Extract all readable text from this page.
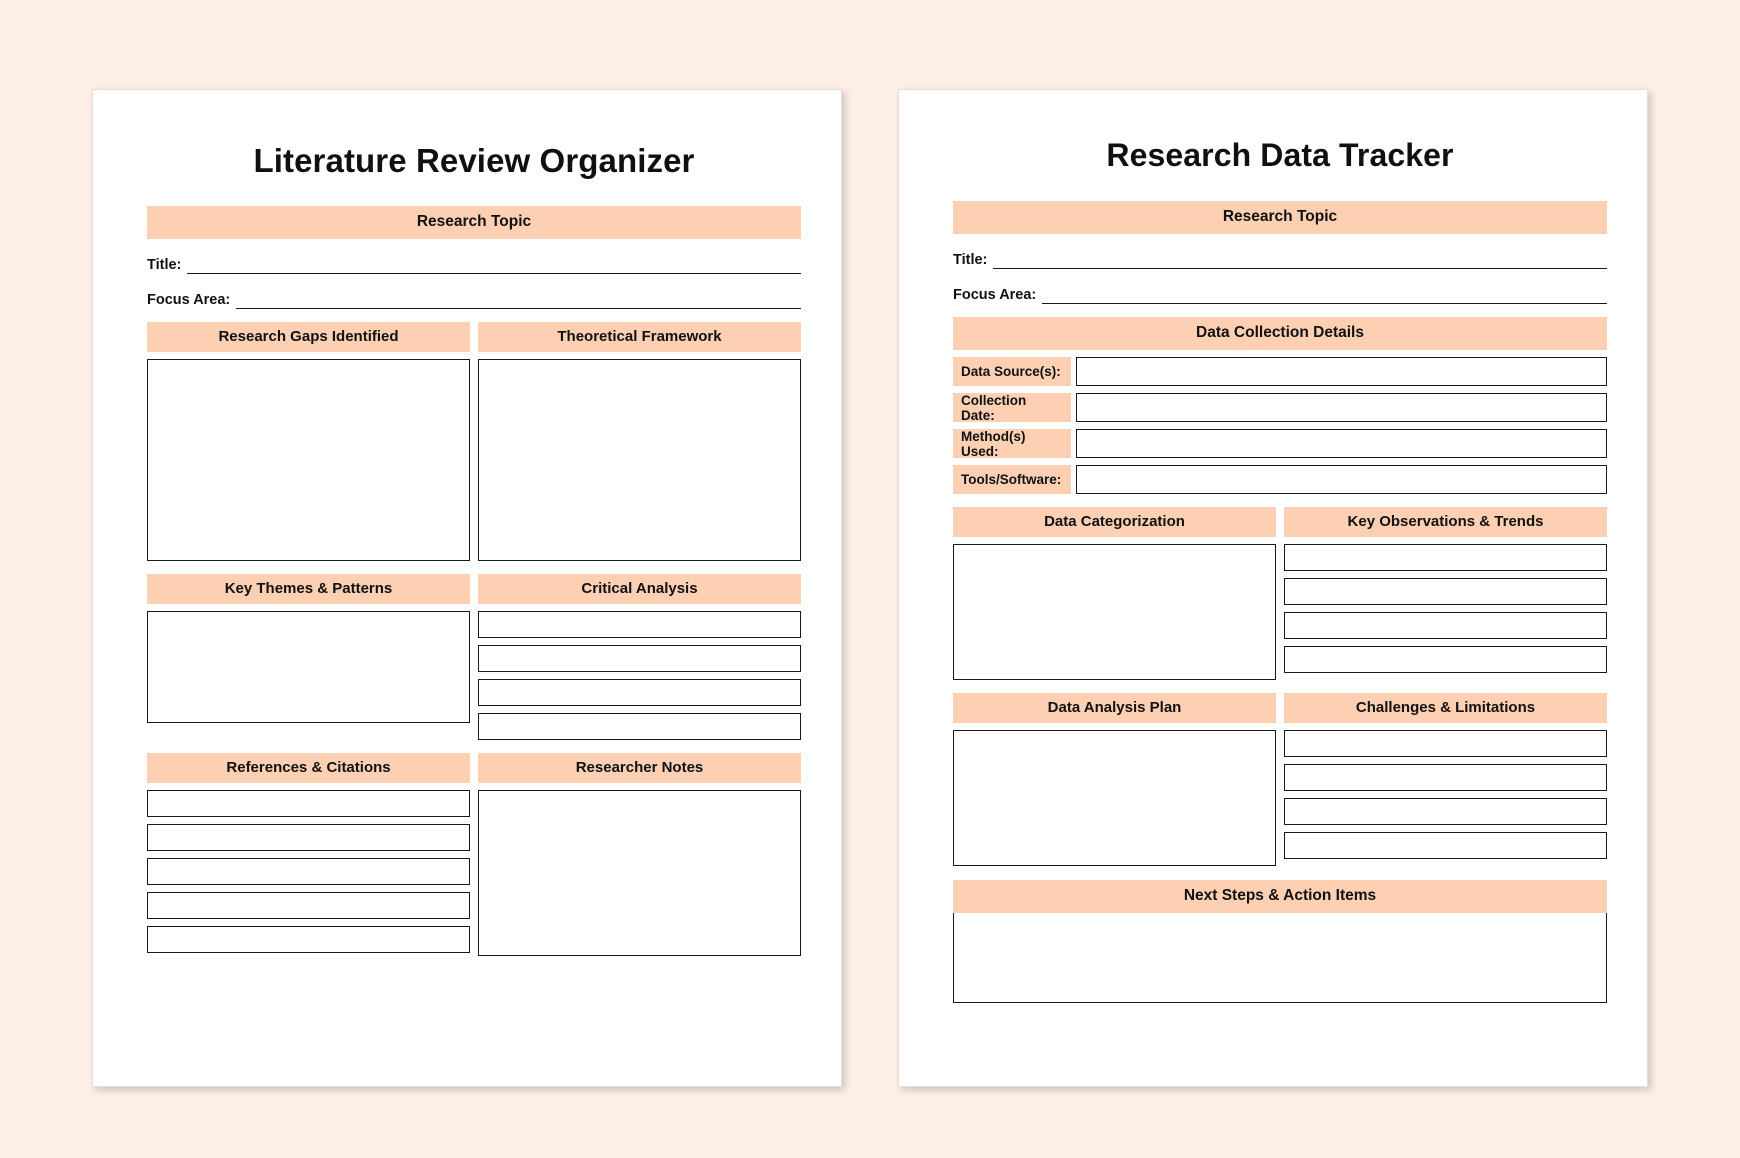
Literature Review Organizer
Research Topic
Title:
Focus Area:
Research Gaps Identified	Theoretical Framework
Key Themes & Patterns	Critical Analysis
References & Citations	Researcher Notes
Research Data Tracker
Research Topic
Title:
Focus Area:
Data Collection Details
Data Source(s):
Collection Date:
Method(s) Used:
Tools/Software:
Data Categorization	Key Observations & Trends
Data Analysis Plan	Challenges & Limitations
Next Steps & Action Items
